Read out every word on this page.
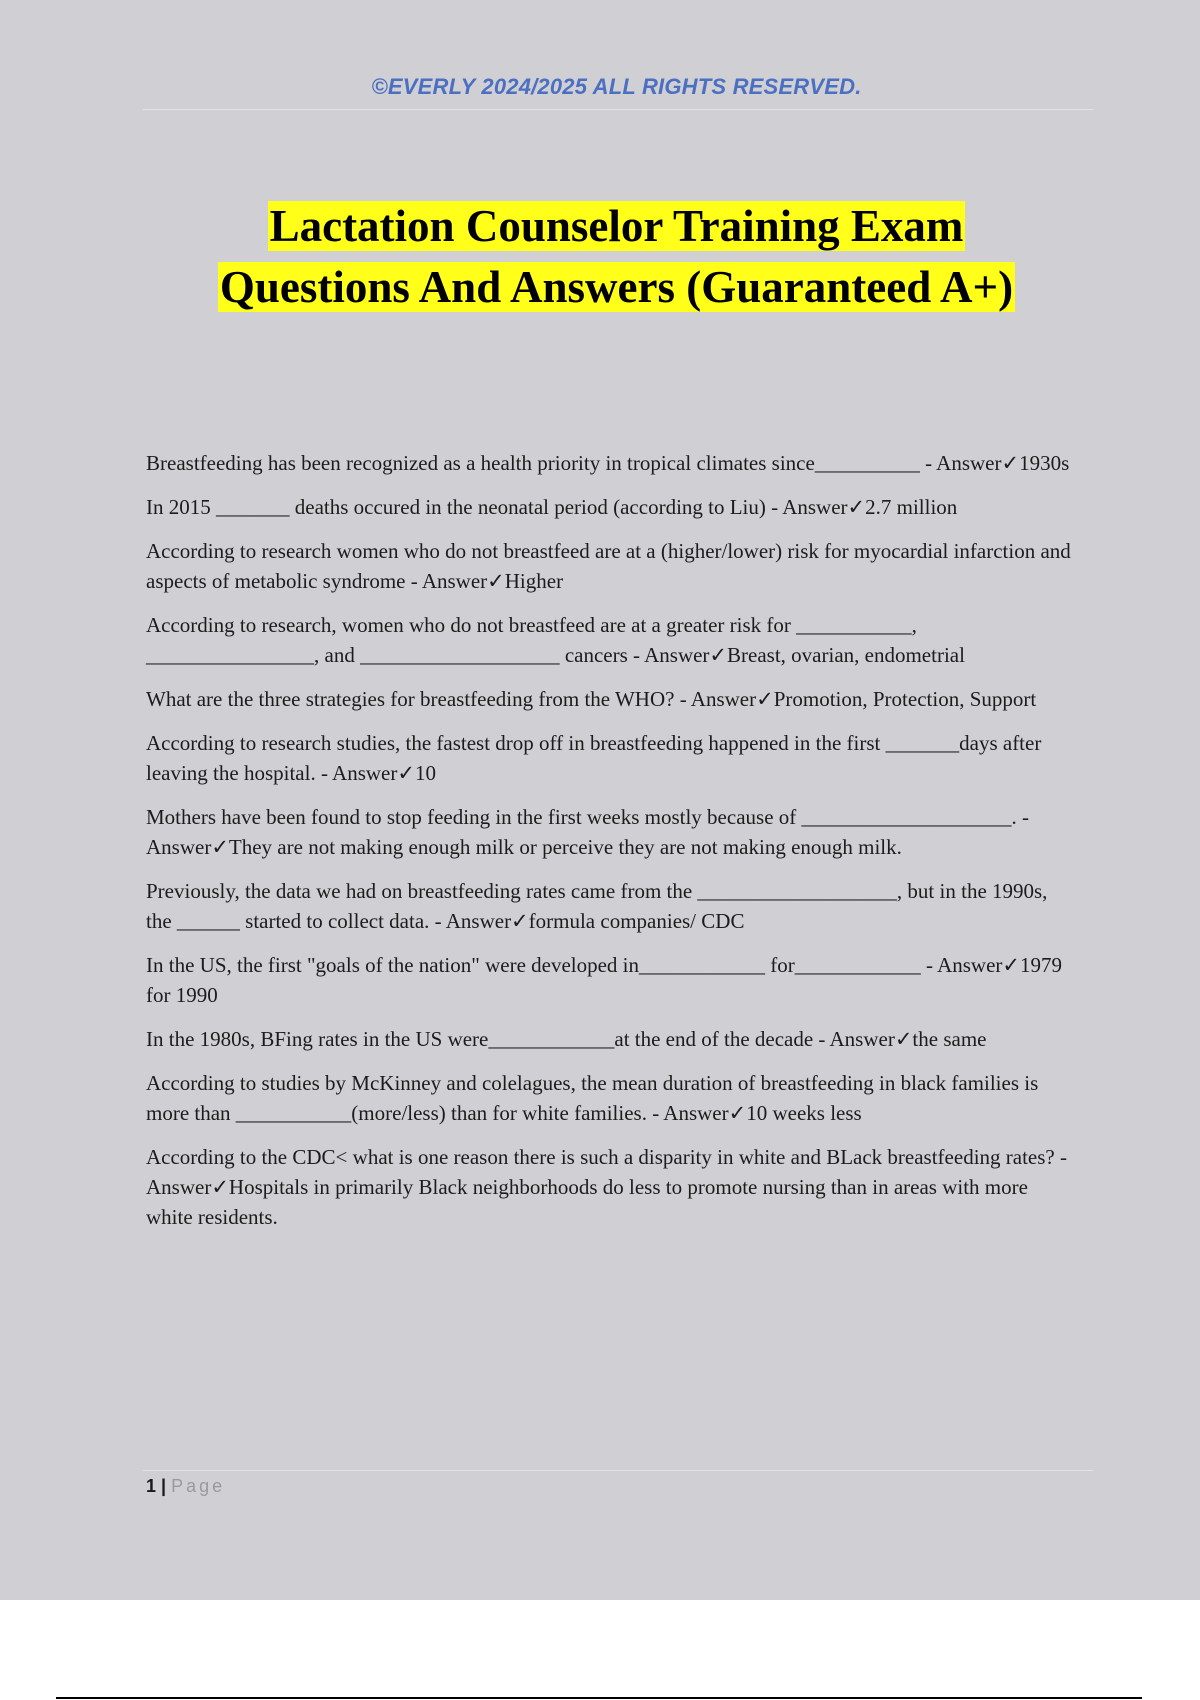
©EVERLY 2024/2025 ALL RIGHTS RESERVED.
Lactation Counselor Training Exam
Questions And Answers (Guaranteed A+)
Breastfeeding has been recognized as a health priority in tropical climates since__________ - Answer✓1930s
In 2015 _______ deaths occured in the neonatal period (according to Liu) - Answer✓2.7 million
According to research women who do not breastfeed are at a (higher/lower) risk for myocardial infarction and aspects of metabolic syndrome - Answer✓Higher
According to research, women who do not breastfeed are at a greater risk for ___________, ________________, and ___________________ cancers - Answer✓Breast, ovarian, endometrial
What are the three strategies for breastfeeding from the WHO? - Answer✓Promotion, Protection, Support
According to research studies, the fastest drop off in breastfeeding happened in the first _______days after leaving the hospital. - Answer✓10
Mothers have been found to stop feeding in the first weeks mostly because of ____________________. - Answer✓They are not making enough milk or perceive they are not making enough milk.
Previously, the data we had on breastfeeding rates came from the ___________________, but in the 1990s, the ______ started to collect data. - Answer✓formula companies/ CDC
In the US, the first "goals of the nation" were developed in____________ for____________ - Answer✓1979 for 1990
In the 1980s, BFing rates in the US were____________at the end of the decade - Answer✓the same
According to studies by McKinney and colelagues, the mean duration of breastfeeding in black families is more than ___________(more/less) than for white families. - Answer✓10 weeks less
According to the CDC< what is one reason there is such a disparity in white and BLack breastfeeding rates? - Answer✓Hospitals in primarily Black neighborhoods do less to promote nursing than in areas with more white residents.
1 | Page
